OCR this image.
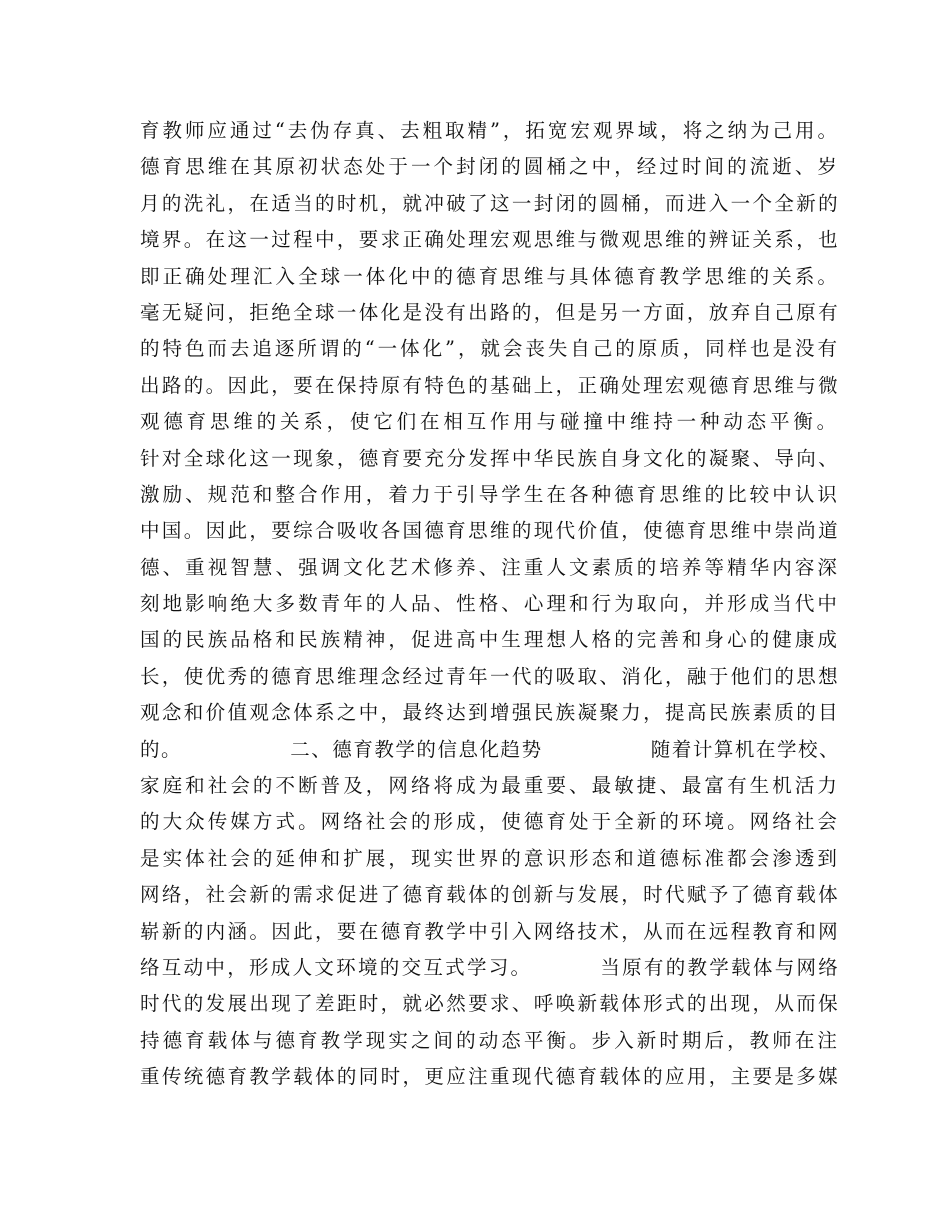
育教师应通过“去伪存真、去粗取精”，拓宽宏观界域，将之纳为己用。
德育思维在其原初状态处于一个封闭的圆桶之中，经过时间的流逝、岁
月的洗礼，在适当的时机，就冲破了这一封闭的圆桶，而进入一个全新的
境界。在这一过程中，要求正确处理宏观思维与微观思维的辨证关系，也
即正确处理汇入全球一体化中的德育思维与具体德育教学思维的关系。
毫无疑问，拒绝全球一体化是没有出路的，但是另一方面，放弃自己原有
的特色而去追逐所谓的“一体化”，就会丧失自己的原质，同样也是没有
出路的。因此，要在保持原有特色的基础上，正确处理宏观德育思维与微
观德育思维的关系，使它们在相互作用与碰撞中维持一种动态平衡。
针对全球化这一现象，德育要充分发挥中华民族自身文化的凝聚、导向、
激励、规范和整合作用，着力于引导学生在各种德育思维的比较中认识
中国。因此，要综合吸收各国德育思维的现代价值，使德育思维中崇尚道
德、重视智慧、强调文化艺术修养、注重人文素质的培养等精华内容深
刻地影响绝大多数青年的人品、性格、心理和行为取向，并形成当代中
国的民族品格和民族精神，促进高中生理想人格的完善和身心的健康成
长，使优秀的德育思维理念经过青年一代的吸取、消化，融于他们的思想
观念和价值观念体系之中，最终达到增强民族凝聚力，提高民族素质的目
的。              二、德育教学的信息化趋势              随着计算机在学校、
家庭和社会的不断普及，网络将成为最重要、最敏捷、最富有生机活力
的大众传媒方式。网络社会的形成，使德育处于全新的环境。网络社会
是实体社会的延伸和扩展，现实世界的意识形态和道德标准都会渗透到
网络，社会新的需求促进了德育载体的创新与发展，时代赋予了德育载体
崭新的内涵。因此，要在德育教学中引入网络技术，从而在远程教育和网
络互动中，形成人文环境的交互式学习。        当原有的教学载体与网络
时代的发展出现了差距时，就必然要求、呼唤新载体形式的出现，从而保
持德育载体与德育教学现实之间的动态平衡。步入新时期后，教师在注
重传统德育教学载体的同时，更应注重现代德育载体的应用，主要是多媒
